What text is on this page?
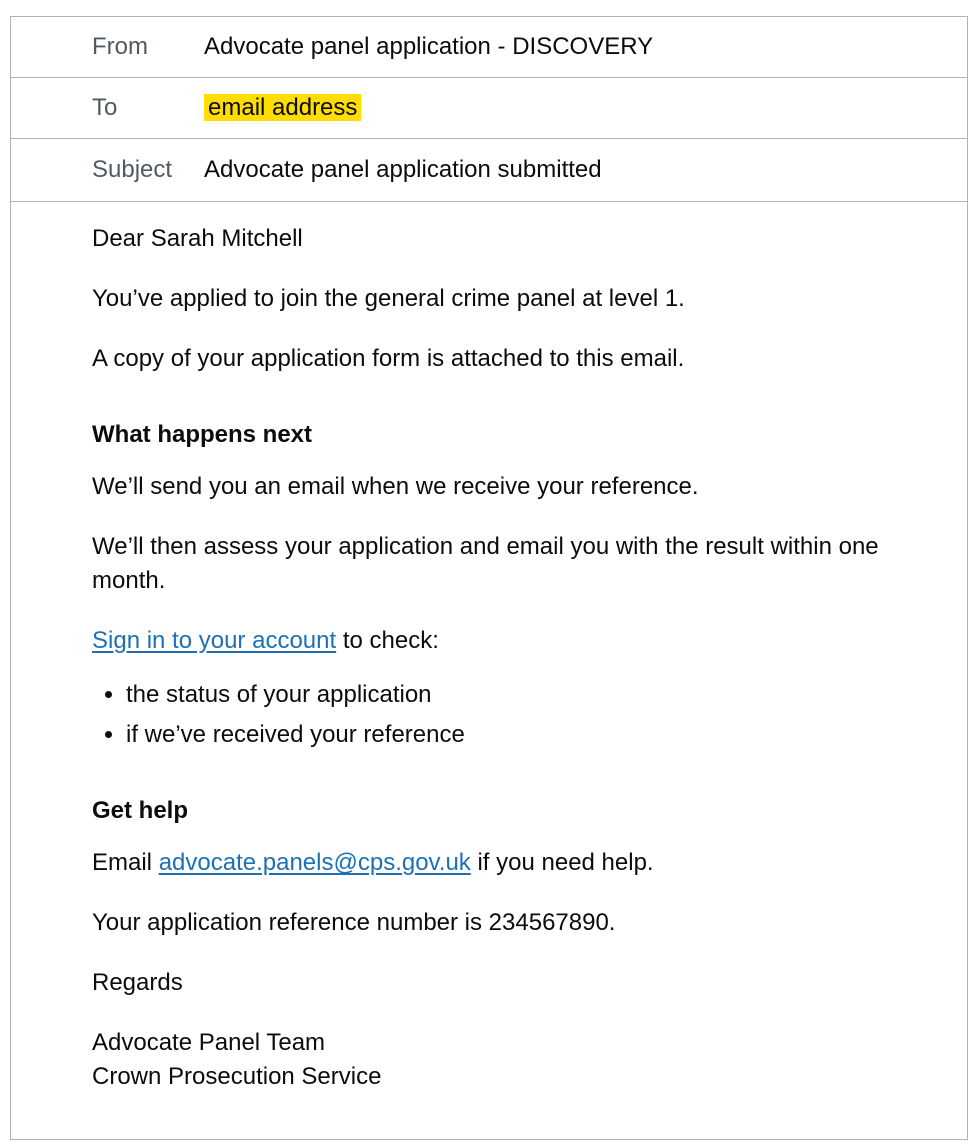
From	Advocate panel application - DISCOVERY
To	email address
Subject	Advocate panel application submitted

Dear Sarah Mitchell

You’ve applied to join the general crime panel at level 1.

A copy of your application form is attached to this email.

What happens next

We’ll send you an email when we receive your reference.

We’ll then assess your application and email you with the result within one month.

Sign in to your account to check:

• the status of your application
• if we’ve received your reference
Get help

Email advocate.panels@cps.gov.uk if you need help.

Your application reference number is 234567890.

Regards

Advocate Panel Team

Crown Prosecution Service
